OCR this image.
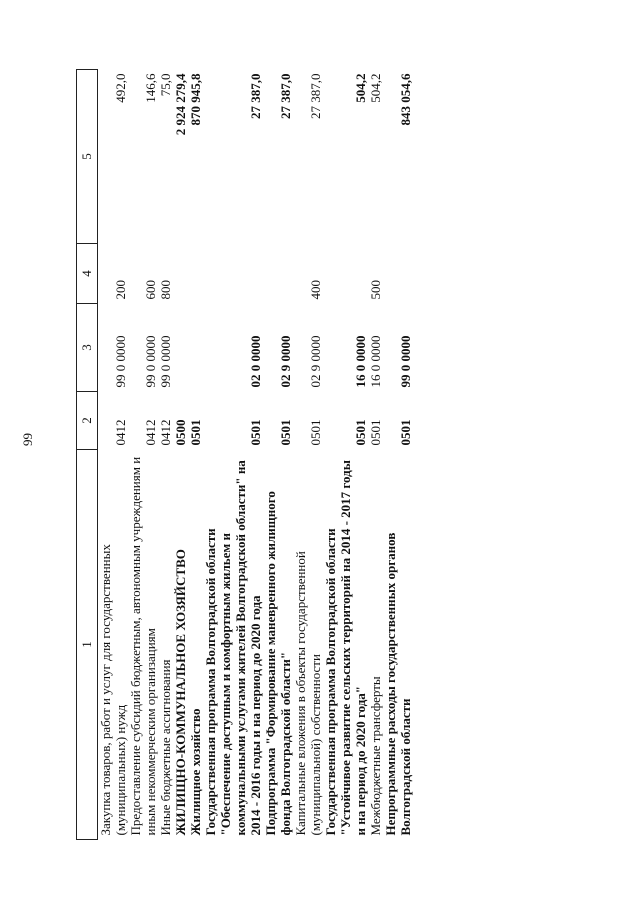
99
1	2	3	4	5
Закупка товаров, работ и услуг для государственных (муниципальных) нужд	0412	99 0 0000	200	492,0
Предоставление субсидий бюджетным, автономным учреждениям и иным некоммерческим организациям	0412	99 0 0000	600	146,6
Иные бюджетные ассигнования	0412	99 0 0000	800	75,0
ЖИЛИЩНО-КОММУНАЛЬНОЕ ХОЗЯЙСТВО	0500			2 924 279,4
Жилищное хозяйство	0501			870 945,8
Государственная программа Волгоградской области "Обеспечение доступным и комфортным жильем и коммунальными услугами жителей Волгоградской области" на 2014 - 2016 годы и на период до 2020 года	0501	02 0 0000		27 387,0
Подпрограмма "Формирование маневренного жилищного фонда Волгоградской области"	0501	02 9 0000		27 387,0
Капитальные вложения в объекты государственной (муниципальной) собственности	0501	02 9 0000	400	27 387,0
Государственная программа Волгоградской области "Устойчивое развитие сельских территорий на 2014 - 2017 годы и на период до 2020 года"	0501	16 0 0000		504,2
Межбюджетные трансферты	0501	16 0 0000	500	504,2
Непрограммные расходы государственных органов Волгоградской области	0501	99 0 0000		843 054,6
